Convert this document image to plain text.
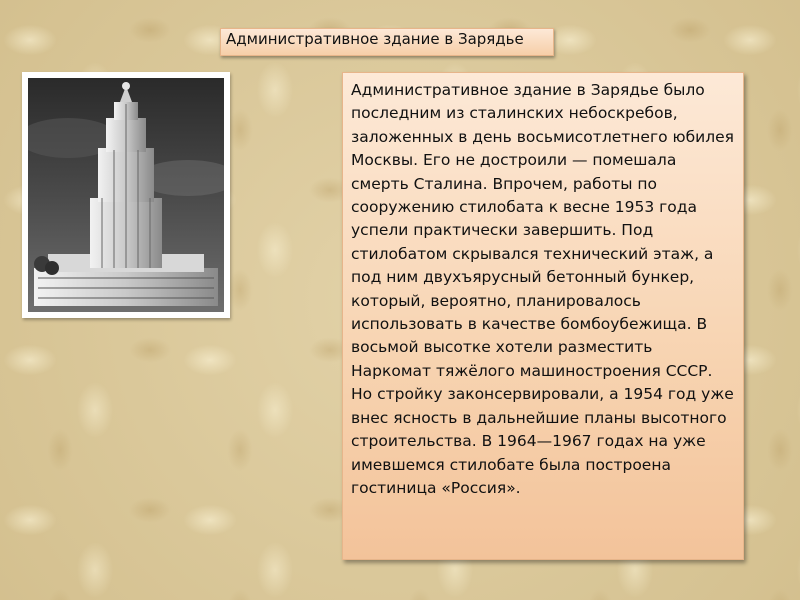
Административное здание в Зарядье

Административное здание в Зарядье было последним из сталинских небоскребов, заложенных в день восьмисотлетнего юбилея Москвы. Его не достроили — помешала смерть Сталина. Впрочем, работы по сооружению стилобата к весне 1953 года успели практически завершить. Под стилобатом скрывался технический этаж, а под ним двухъярусный бетонный бункер, который, вероятно, планировалось использовать в качестве бомбоубежища. В восьмой высотке хотели разместить Наркомат тяжёлого машиностроения СССР. Но стройку законсервировали, а 1954 год уже внес ясность в дальнейшие планы высотного строительства. В 1964—1967 годах на уже имевшемся стилобате была построена гостиница «Россия».
